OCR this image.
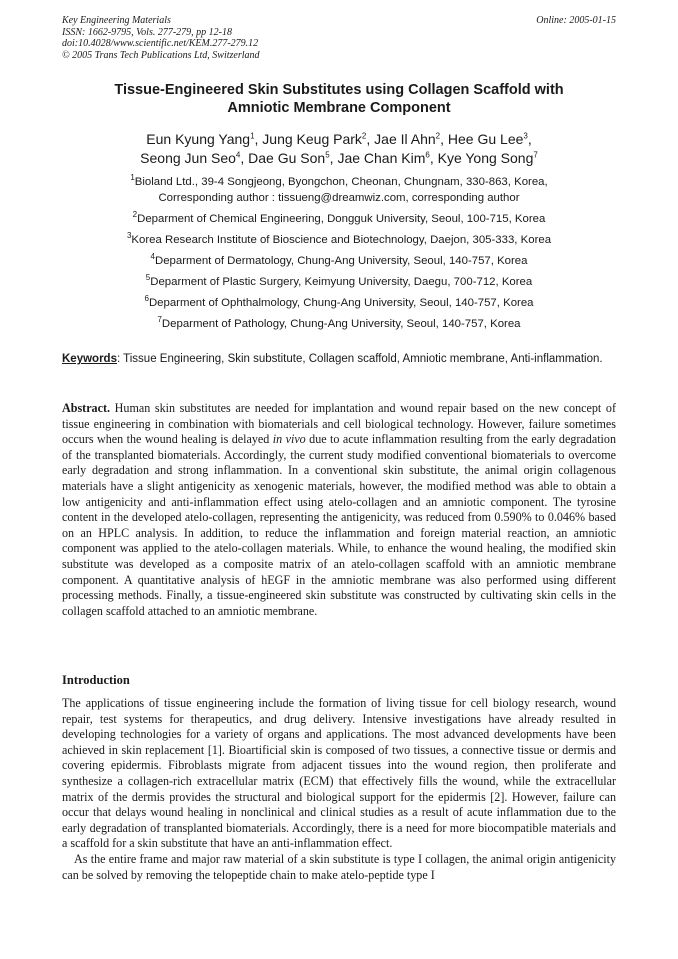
Key Engineering Materials
ISSN: 1662-9795, Vols. 277-279, pp 12-18
doi:10.4028/www.scientific.net/KEM.277-279.12
© 2005 Trans Tech Publications Ltd, Switzerland
Online: 2005-01-15
Tissue-Engineered Skin Substitutes using Collagen Scaffold with
Amniotic Membrane Component
Eun Kyung Yang$^1$, Jung Keug Park$^2$, Jae Il Ahn$^2$, Hee Gu Lee$^3$,
Seong Jun Seo$^4$, Dae Gu Son$^5$, Jae Chan Kim$^6$, Kye Yong Song$^7$
$^1$Bioland Ltd., 39-4 Songjeong, Byongchon, Cheonan, Chungnam, 330-863, Korea,
Corresponding author : tissueng@dreamwiz.com, corresponding author
$^2$Deparment of Chemical Engineering, Dongguk University, Seoul, 100-715, Korea
$^3$Korea Research Institute of Bioscience and Biotechnology, Daejon, 305-333, Korea
$^4$Deparment of Dermatology, Chung-Ang University, Seoul, 140-757, Korea
$^5$Deparment of Plastic Surgery, Keimyung University, Daegu, 700-712, Korea
$^6$Deparment of Ophthalmology, Chung-Ang University, Seoul, 140-757, Korea
$^7$Deparment of Pathology, Chung-Ang University, Seoul, 140-757, Korea
Keywords: Tissue Engineering, Skin substitute, Collagen scaffold, Amniotic membrane, Anti-inflammation.
Abstract. Human skin substitutes are needed for implantation and wound repair based on the new concept of tissue engineering in combination with biomaterials and cell biological technology. However, failure sometimes occurs when the wound healing is delayed in vivo due to acute inflammation resulting from the early degradation of the transplanted biomaterials. Accordingly, the current study modified conventional biomaterials to overcome early degradation and strong inflammation. In a conventional skin substitute, the animal origin collagenous materials have a slight antigenicity as xenogenic materials, however, the modified method was able to obtain a low antigenicity and anti-inflammation effect using atelo-collagen and an amniotic component. The tyrosine content in the developed atelo-collagen, representing the antigenicity, was reduced from 0.590% to 0.046% based on an HPLC analysis. In addition, to reduce the inflammation and foreign material reaction, an amniotic component was applied to the atelo-collagen materials. While, to enhance the wound healing, the modified skin substitute was developed as a composite matrix of an atelo-collagen scaffold with an amniotic membrane component. A quantitative analysis of hEGF in the amniotic membrane was also performed using different processing methods. Finally, a tissue-engineered skin substitute was constructed by cultivating skin cells in the collagen scaffold attached to an amniotic membrane.
Introduction

The applications of tissue engineering include the formation of living tissue for cell biology research, wound repair, test systems for therapeutics, and drug delivery. Intensive investigations have already resulted in developing technologies for a variety of organs and applications. The most advanced developments have been achieved in skin replacement [1]. Bioartificial skin is composed of two tissues, a connective tissue or dermis and covering epidermis. Fibroblasts migrate from adjacent tissues into the wound region, then proliferate and synthesize a collagen-rich extracellular matrix (ECM) that effectively fills the wound, while the extracellular matrix of the dermis provides the structural and biological support for the epidermis [2]. However, failure can occur that delays wound healing in nonclinical and clinical studies as a result of acute inflammation due to the early degradation of transplanted biomaterials. Accordingly, there is a need for more biocompatible materials and a scaffold for a skin substitute that have an anti-inflammation effect.

As the entire frame and major raw material of a skin substitute is type I collagen, the animal origin antigenicity can be solved by removing the telopeptide chain to make atelo-peptide type I
